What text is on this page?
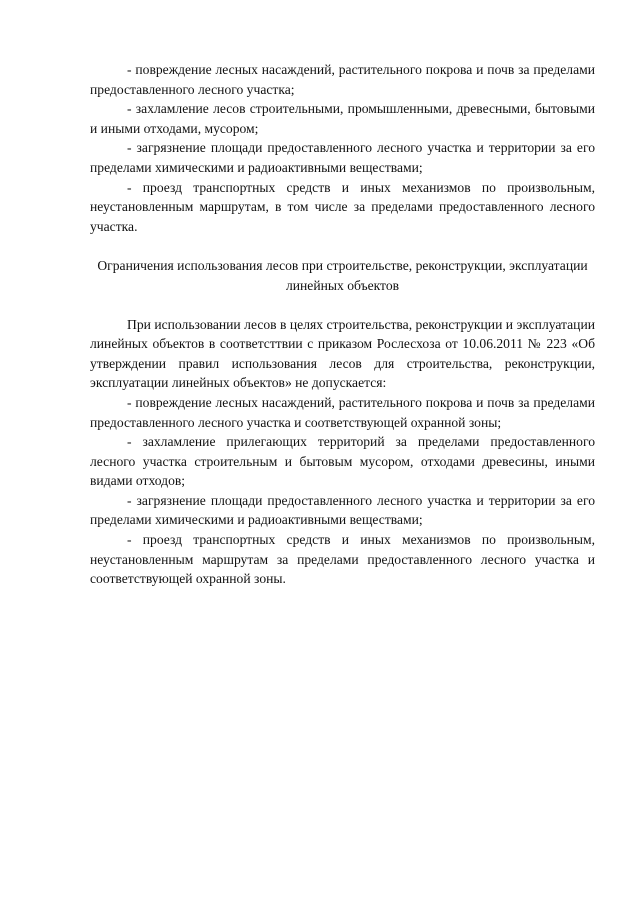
- повреждение лесных насаждений, растительного покрова и почв за пределами предоставленного лесного участка;

- захламление лесов строительными, промышленными, древесными, бытовыми и иными отходами, мусором;

- загрязнение площади предоставленного лесного участка и территории за его пределами химическими и радиоактивными веществами;

- проезд транспортных средств и иных механизмов по произвольным, неустановленным маршрутам, в том числе за пределами предоставленного лесного участка.

Ограничения использования лесов при строительстве, реконструкции, эксплуатации линейных объектов

При использовании лесов в целях строительства, реконструкции и эксплуатации линейных объектов в соответсттвии с приказом Рослесхоза от 10.06.2011 № 223 «Об утверждении правил использования лесов для строительства, реконструкции, эксплуатации линейных объектов» не допускается:

- повреждение лесных насаждений, растительного покрова и почв за пределами предоставленного лесного участка и соответствующей охранной зоны;

- захламление прилегающих территорий за пределами предоставленного лесного участка строительным и бытовым мусором, отходами древесины, иными видами отходов;

- загрязнение площади предоставленного лесного участка и территории за его пределами химическими и радиоактивными веществами;

- проезд транспортных средств и иных механизмов по произвольным, неустановленным маршрутам за пределами предоставленного лесного участка и соответствующей охранной зоны.
